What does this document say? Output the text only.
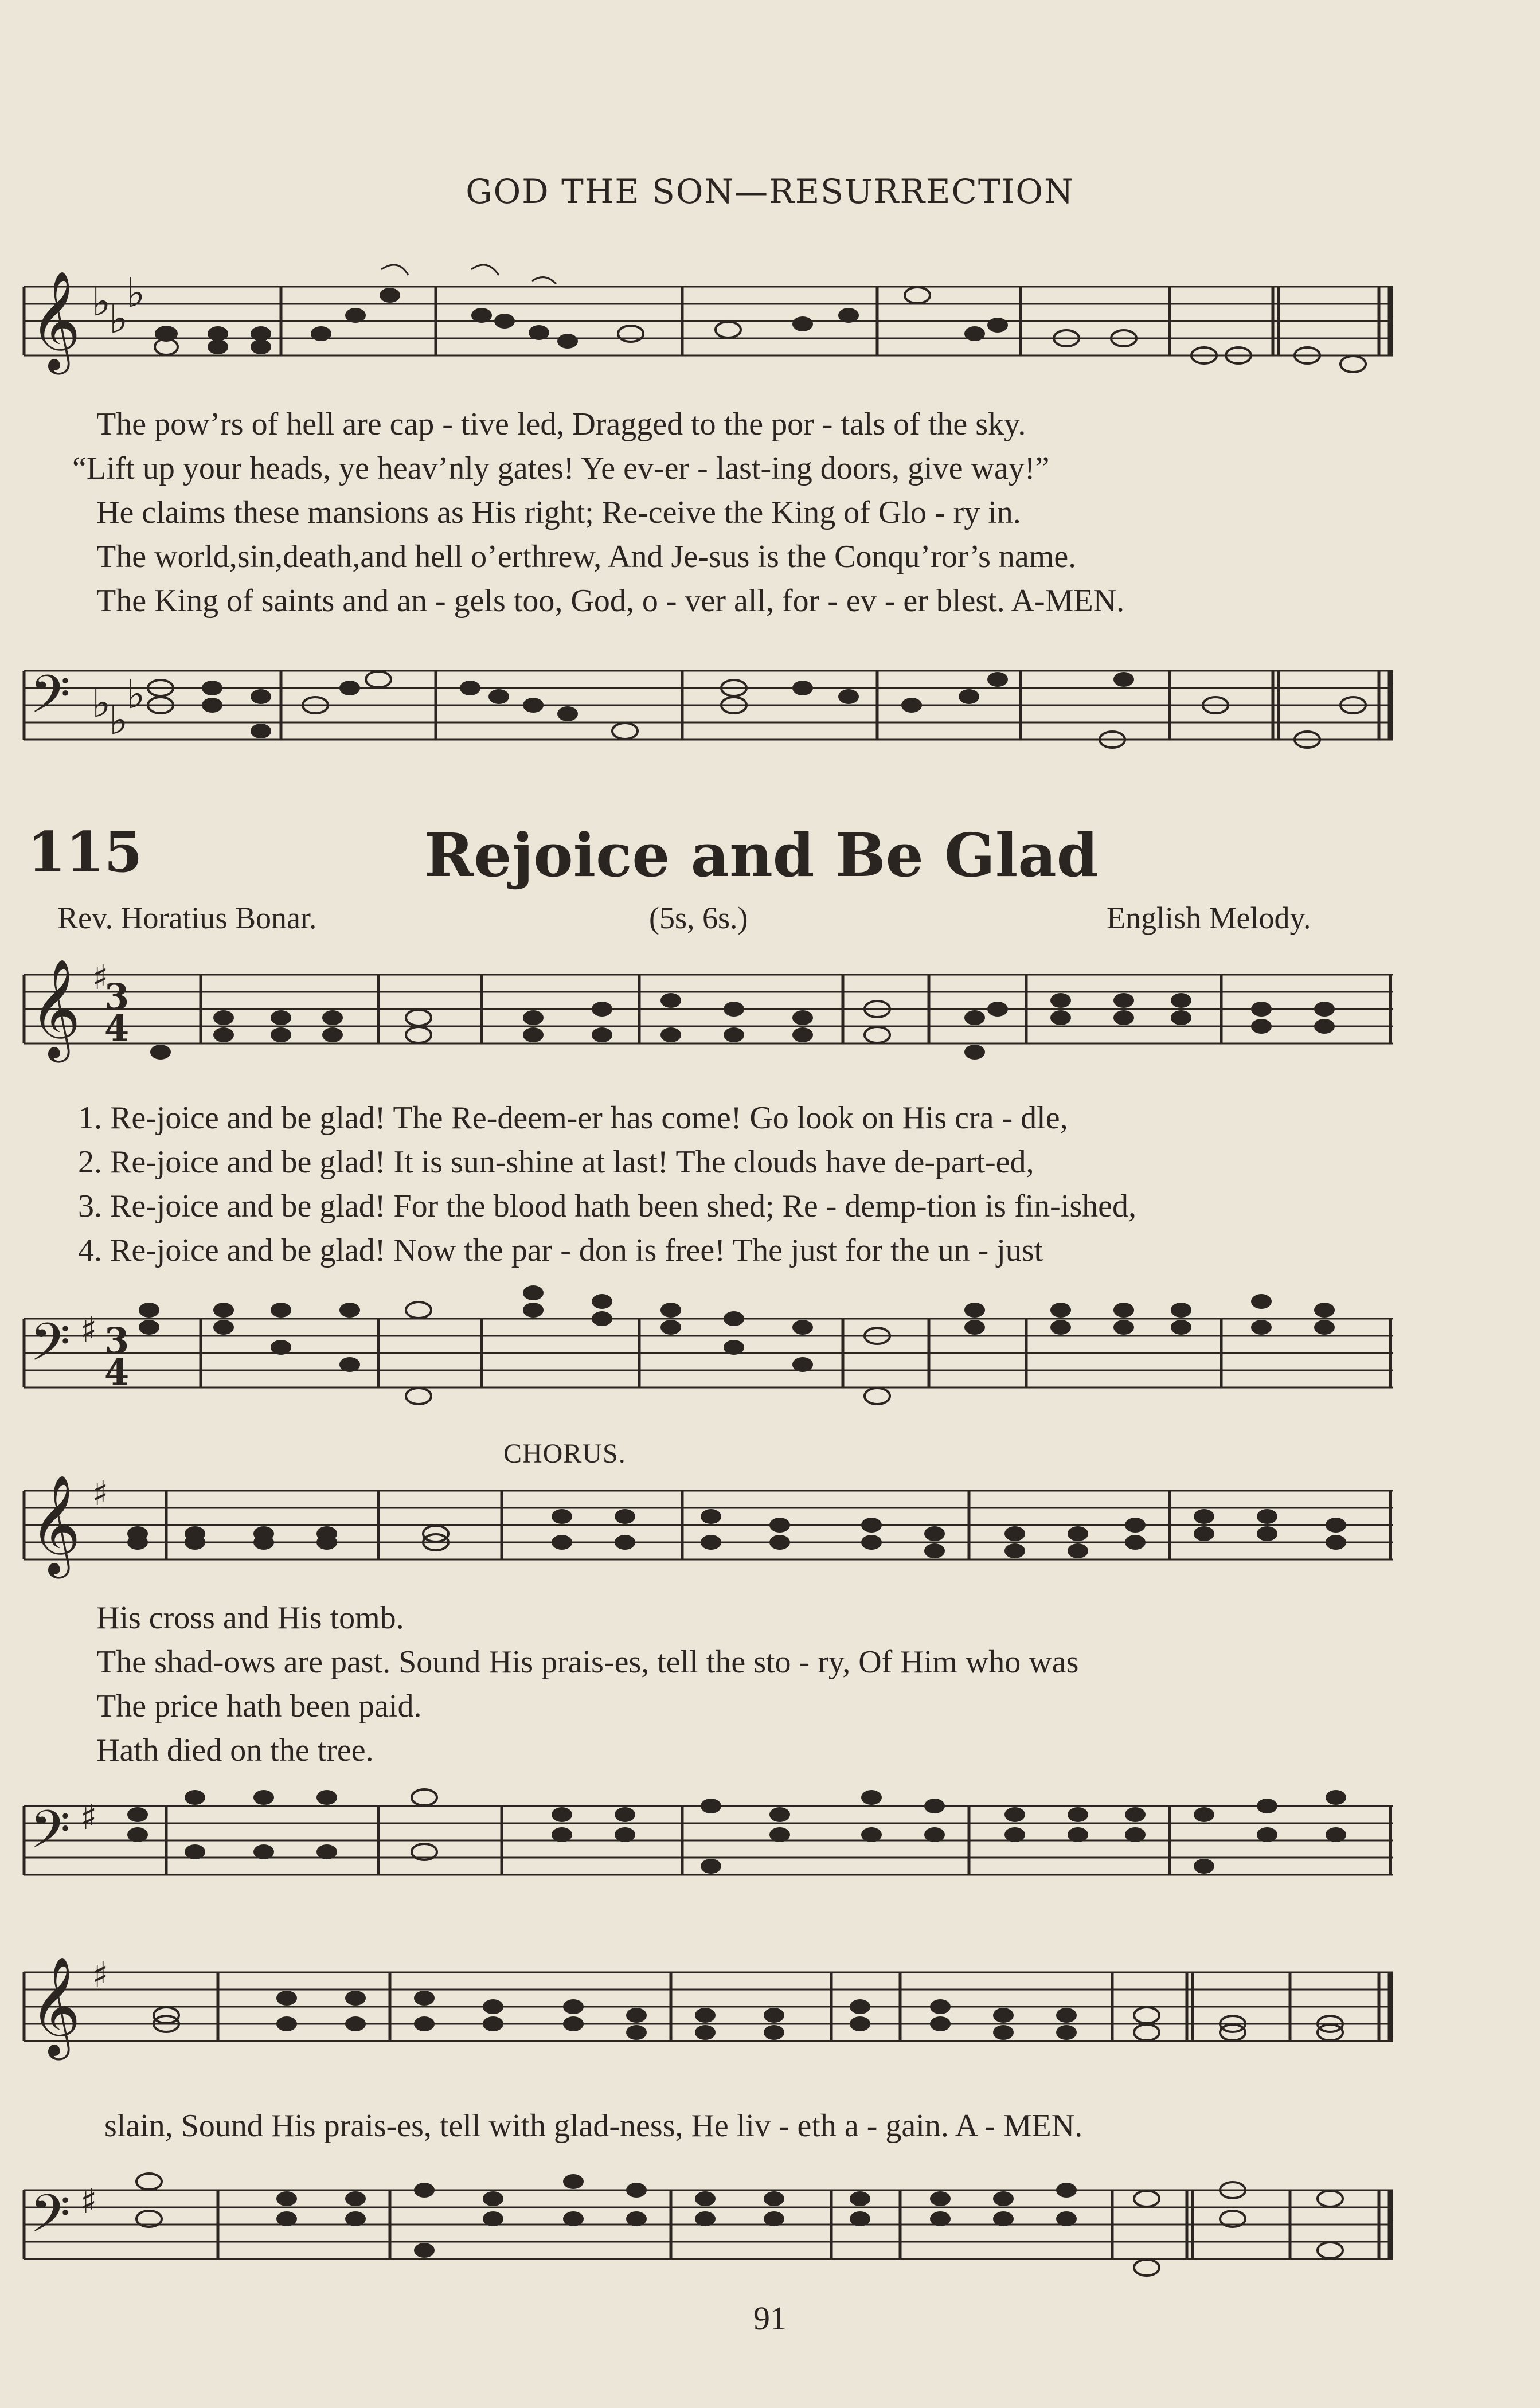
GOD THE SON—RESURRECTION
𝄞 ♭
♭
♭
The pow’rs of hell are cap - tive led, Dragged to the por - tals of the sky.
“Lift up your heads, ye heav’nly gates! Ye ev-er - last-ing doors, give way!”
He claims these mansions as His right; Re-ceive the King of Glo - ry in.
The world,sin,death,and hell o’erthrew, And Je-sus is the Conqu’ror’s name.
The King of saints and an - gels too, God, o - ver all, for - ev - er blest. A-MEN.
𝄢 ♭
♭
♭
115	Rejoice and Be Glad
Rev. Horatius Bonar.	(5s, 6s.)	English Melody.
𝄞 ♯
3
4
1. Re-joice and be glad! The Re-deem-er has come! Go look on His cra - dle,
2. Re-joice and be glad! It is sun-shine at last! The clouds have de-part-ed,
3. Re-joice and be glad! For the blood hath been shed; Re - demp-tion is fin-ished,
4. Re-joice and be glad! Now the par - don is free! The just for the un - just
𝄢 ♯ 3
4
CHORUS.
𝄞 ♯
His cross and His tomb.
The shad-ows are past. Sound His prais-es, tell the sto - ry, Of Him who was
The price hath been paid.
Hath died on the tree.
𝄢 ♯
𝄞 ♯
slain, Sound His prais-es, tell with glad-ness, He liv - eth a - gain. A - MEN.
𝄢 ♯
91
